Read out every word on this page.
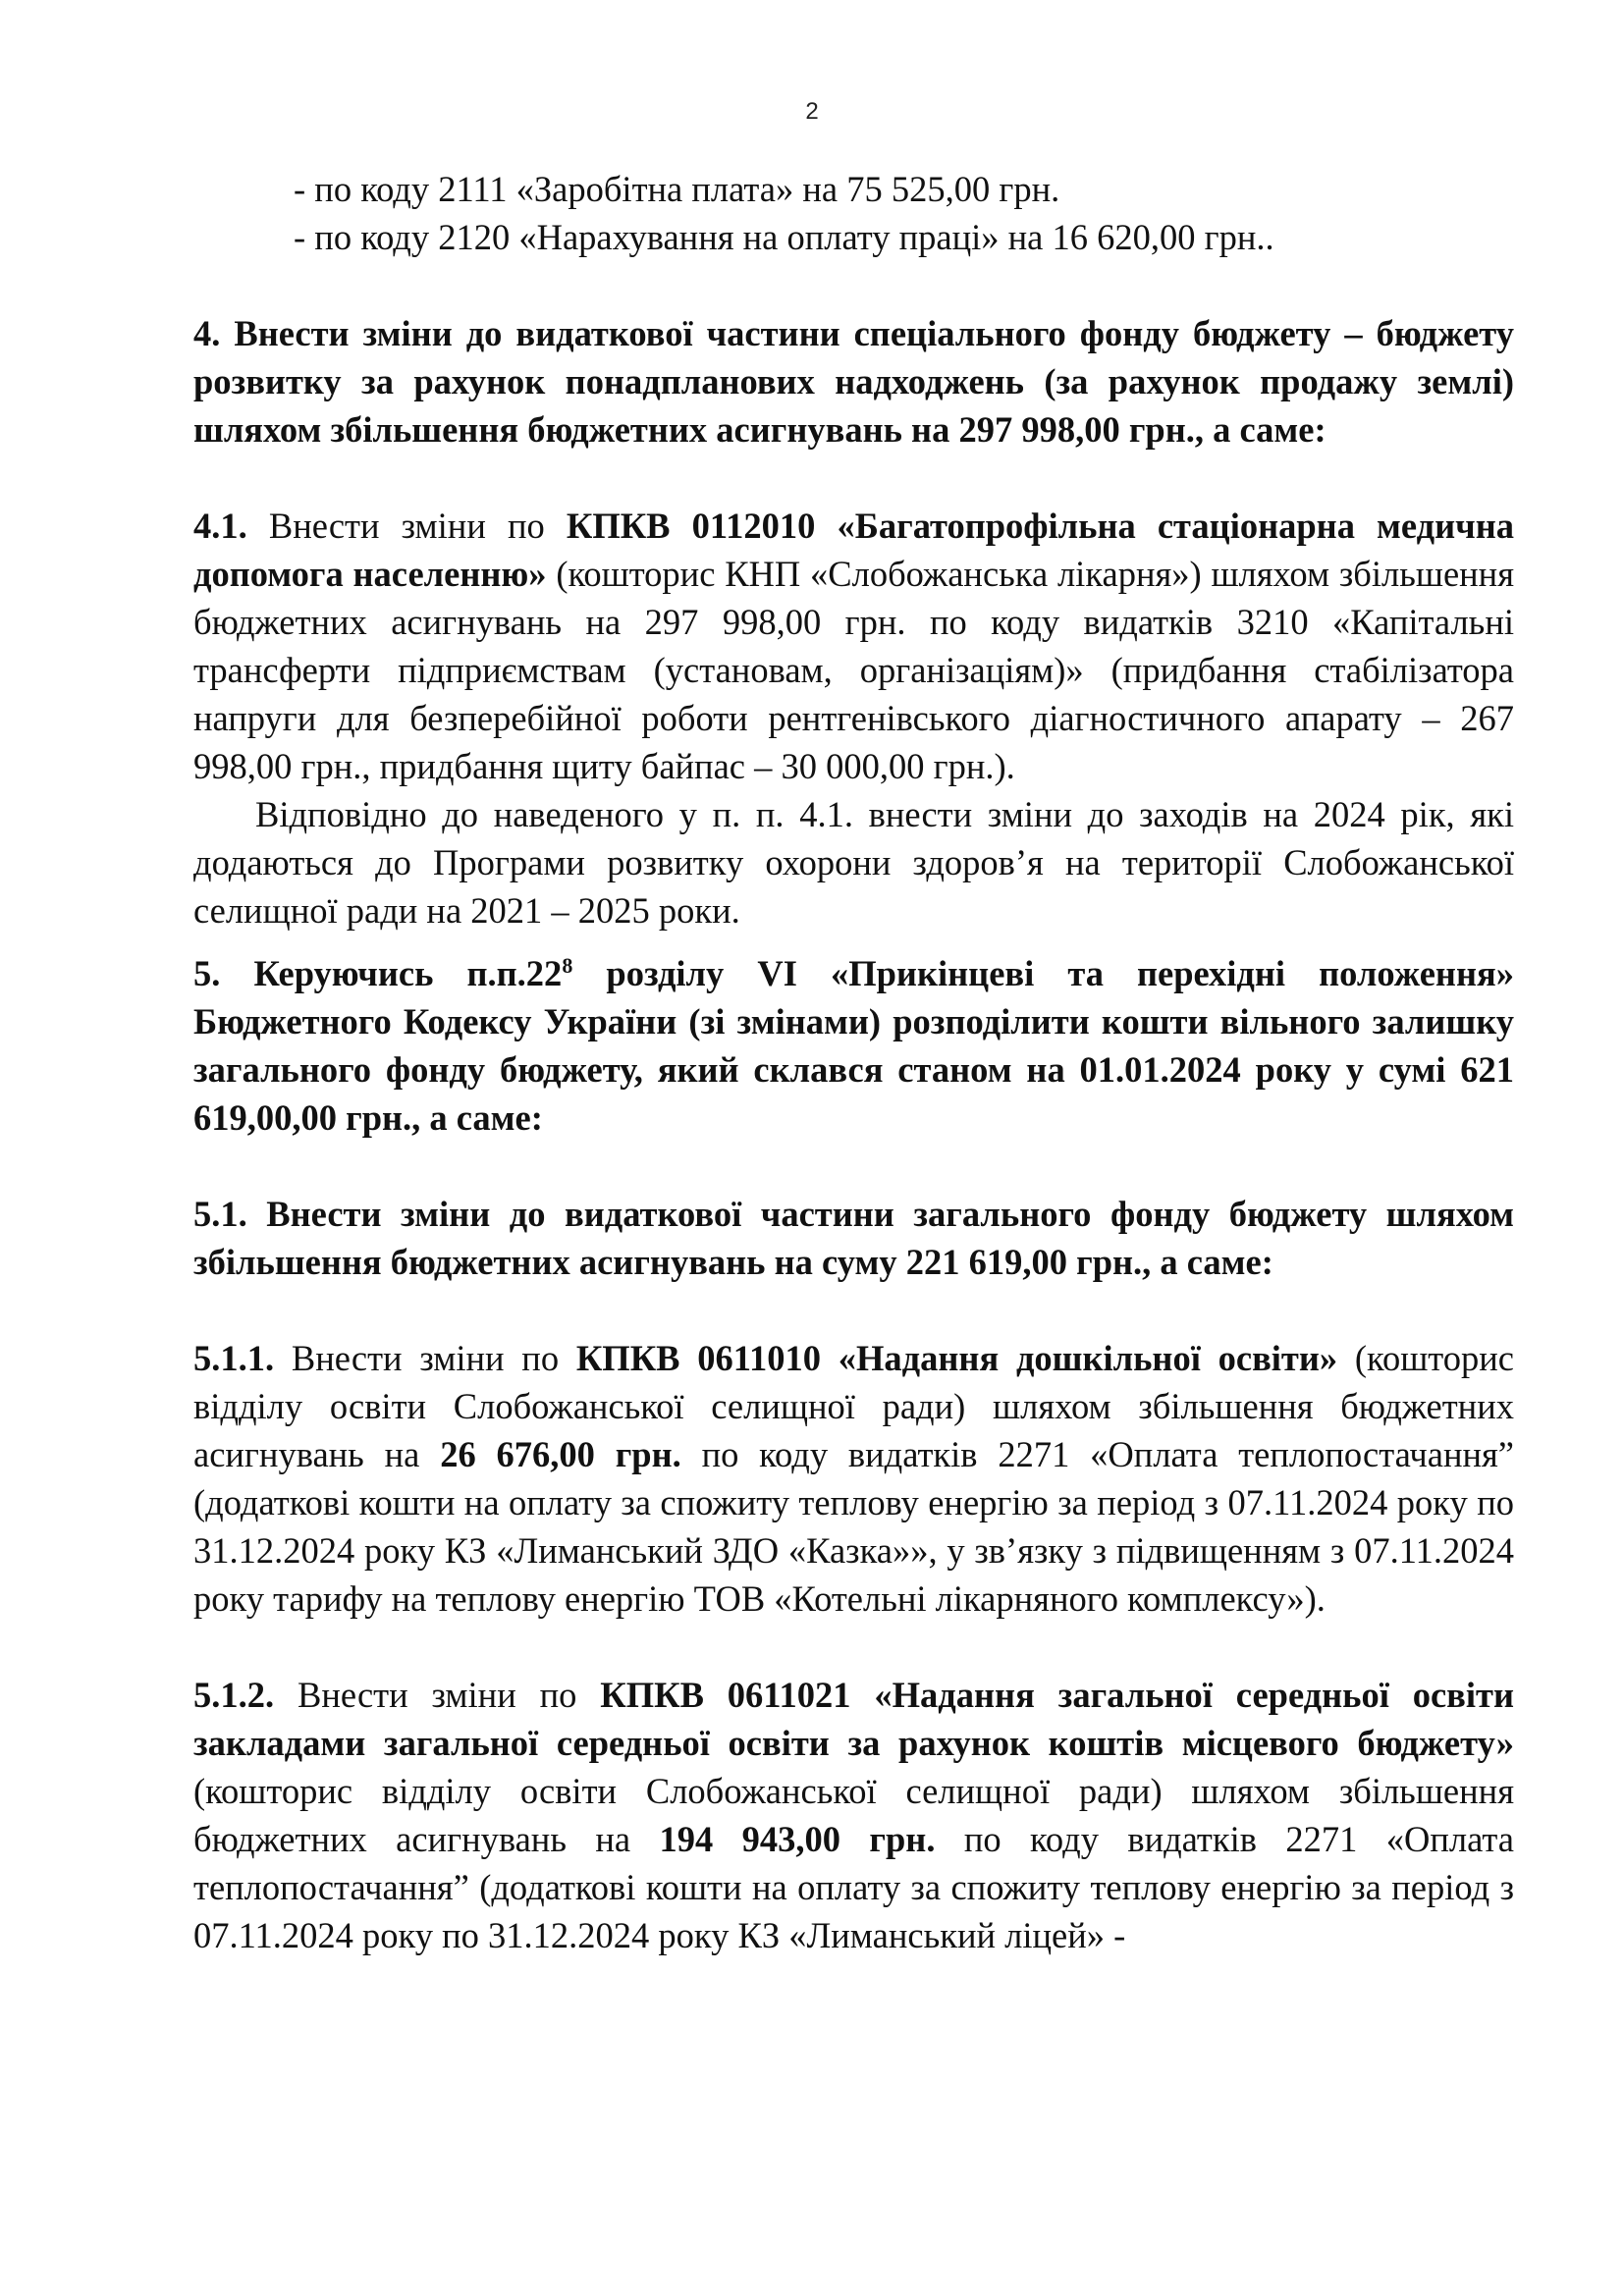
2

- по коду 2111 «Заробітна плата» на 75 525,00 грн.

- по коду 2120 «Нарахування на оплату праці» на 16 620,00 грн..

4. Внести зміни до видаткової частини спеціального фонду бюджету – бюджету розвитку за рахунок понадпланових надходжень (за рахунок продажу землі) шляхом збільшення бюджетних асигнувань на 297 998,00 грн., а саме:

4.1. Внести зміни по КПКВ 0112010 «Багатопрофільна стаціонарна медична допомога населенню» (кошторис КНП «Слобожанська лікарня») шляхом збільшення бюджетних асигнувань на 297 998,00 грн. по коду видатків 3210 «Капітальні трансферти підприємствам (установам, організаціям)» (придбання стабілізатора напруги для безперебійної роботи рентгенівського діагностичного апарату – 267 998,00 грн., придбання щиту байпас – 30 000,00 грн.).

Відповідно до наведеного у п. п. 4.1. внести зміни до заходів на 2024 рік, які додаються до Програми розвитку охорони здоров’я на території Слобожанської селищної ради на 2021 – 2025 роки.

5. Керуючись $п.п.22^8$ розділу VI «Прикінцеві та перехідні положення» Бюджетного Кодексу України (зі змінами) розподілити кошти вільного залишку загального фонду бюджету, який склався станом на 01.01.2024 року у сумі 621 619,00,00 грн., а саме:

5.1. Внести зміни до видаткової частини загального фонду бюджету шляхом збільшення бюджетних асигнувань на суму 221 619,00 грн., а саме:

5.1.1. Внести зміни по КПКВ 0611010 «Надання дошкільної освіти» (кошторис відділу освіти Слобожанської селищної ради) шляхом збільшення бюджетних асигнувань на 26 676,00 грн. по коду видатків 2271 «Оплата теплопостачання” (додаткові кошти на оплату за спожиту теплову енергію за період з 07.11.2024 року по 31.12.2024 року КЗ «Лиманський ЗДО «Казка»», у зв’язку з підвищенням з 07.11.2024 року тарифу на теплову енергію ТОВ «Котельні лікарняного комплексу»).

5.1.2. Внести зміни по КПКВ 0611021 «Надання загальної середньої освіти закладами загальної середньої освіти за рахунок коштів місцевого бюджету» (кошторис відділу освіти Слобожанської селищної ради) шляхом збільшення бюджетних асигнувань на 194 943,00 грн. по коду видатків 2271 «Оплата теплопостачання” (додаткові кошти на оплату за спожиту теплову енергію за період з 07.11.2024 року по 31.12.2024 року КЗ «Лиманський ліцей» -
